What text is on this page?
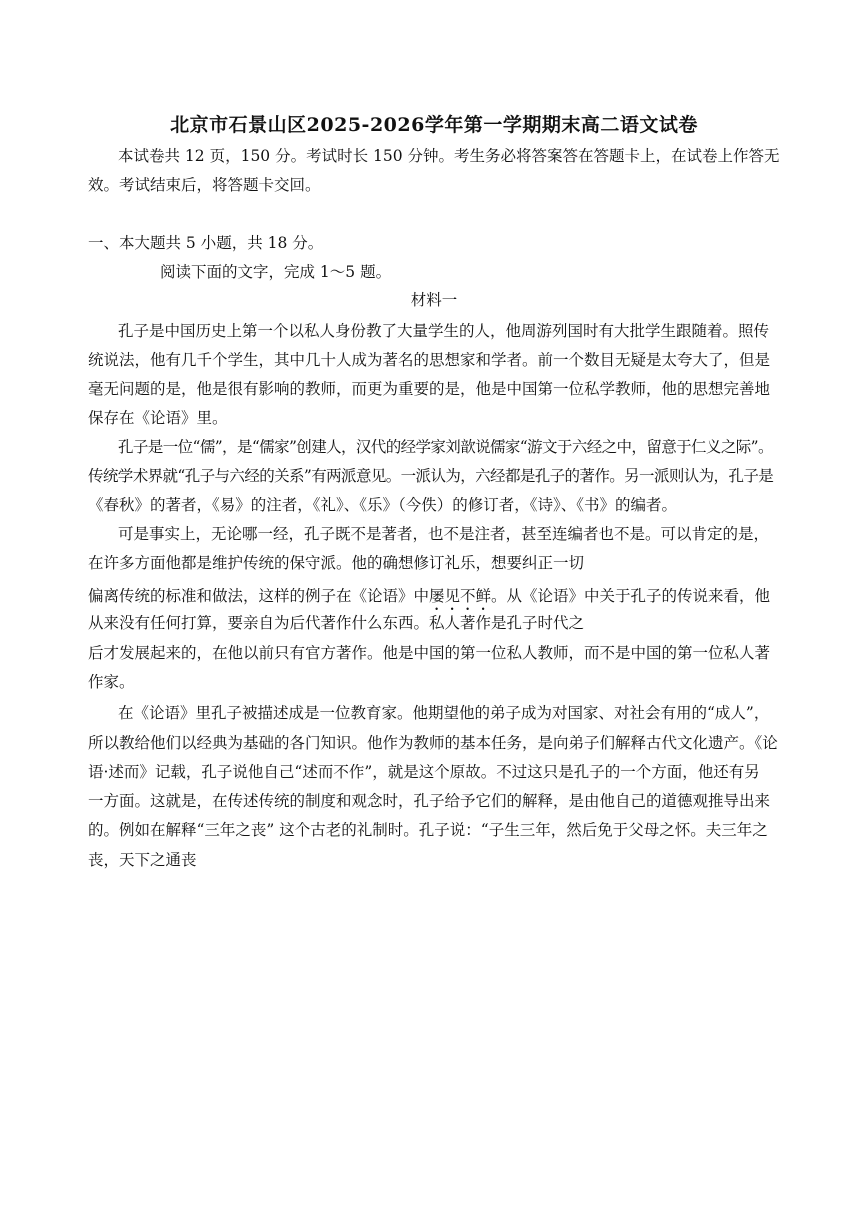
北京市石景山区2025-2026学年第一学期期末高二语文试卷
本试卷共 12 页，150 分。考试时长 150 分钟。考生务必将答案答在答题卡上，在试卷上作答无
效。考试结束后，将答题卡交回。
一、本大题共 5 小题，共 18 分。
阅读下面的文字，完成 1～5 题。
材料一
孔子是中国历史上第一个以私人身份教了大量学生的人，他周游列国时有大批学生跟随着。照传
统说法，他有几千个学生，其中几十人成为著名的思想家和学者。前一个数目无疑是太夸大了，但是
毫无问题的是，他是很有影响的教师，而更为重要的是，他是中国第一位私学教师，他的思想完善地
保存在《论语》里。
孔子是一位“儒”，是“儒家”创建人，汉代的经学家刘歆说儒家“游文于六经之中，留意于仁义之际”。
传统学术界就“孔子与六经的关系”有两派意见。一派认为，六经都是孔子的著作。另一派则认为，孔子是
《春秋》的著者，《易》的注者，《礼》、《乐》（今佚）的修订者，《诗》、《书》的编者。
可是事实上，无论哪一经，孔子既不是著者，也不是注者，甚至连编者也不是。可以肯定的是，
在许多方面他都是维护传统的保守派。他的确想修订礼乐，想要纠正一切
偏离传统的标准和做法，这样的例子在《论语》中屡见不鲜。从《论语》中关于孔子的传说来看，他
从来没有任何打算，要亲自为后代著作什么东西。私人著作是孔子时代之
后才发展起来的，在他以前只有官方著作。他是中国的第一位私人教师，而不是中国的第一位私人著
作家。
在《论语》里孔子被描述成是一位教育家。他期望他的弟子成为对国家、对社会有用的“成人”，
所以教给他们以经典为基础的各门知识。他作为教师的基本任务，是向弟子们解释古代文化遗产。《论
语·述而》记载，孔子说他自己“述而不作”，就是这个原故。不过这只是孔子的一个方面，他还有另
一方面。这就是，在传述传统的制度和观念时，孔子给予它们的解释，是由他自己的道德观推导出来
的。例如在解释“三年之丧” 这个古老的礼制时。孔子说：“子生三年，然后免于父母之怀。夫三年之
丧，天下之通丧
